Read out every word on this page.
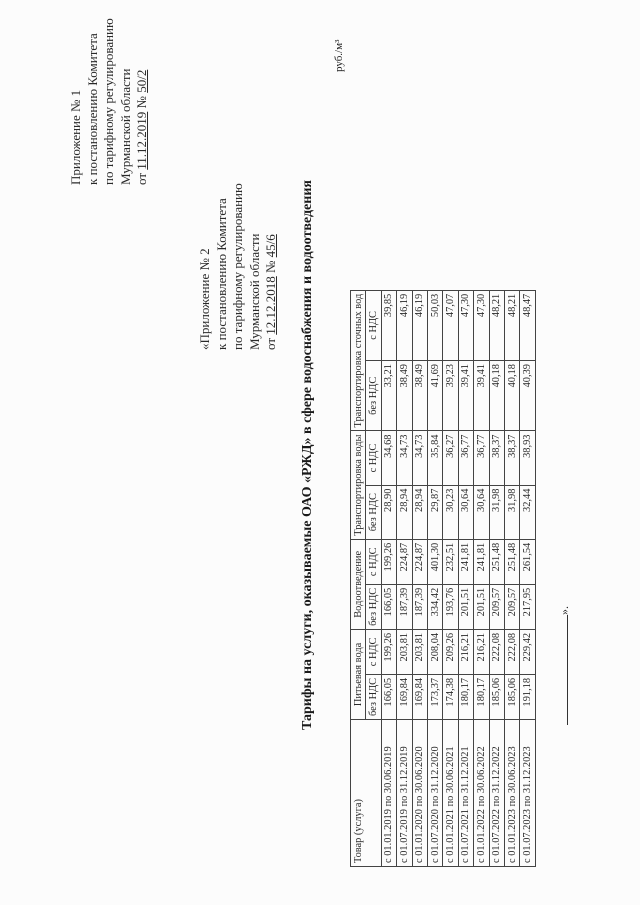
Приложение № 1 к постановлению Комитета по тарифному регулированию Мурманской области от 11.12.2019 № 50/2
«Приложение № 2 к постановлению Комитета по тарифному регулированию Мурманской области от 12.12.2018 № 45/6 Тарифы на услуги, оказываемые ОАО «РЖД» в сфере водоснабжения и водоотведения
руб./м³
Товар (услуга)	Питьевая вода		Водоотведение		Транспортировка воды		Транспортировка сточных вод	
	без НДС	с НДС	без НДС	с НДС	без НДС	с НДС	без НДС	с НДС
с 01.01.2019 по 30.06.2019	166,05	199,26	166,05	199,26	28,90	34,68	33,21	39,85
с 01.07.2019 по 31.12.2019	169,84	203,81	187,39	224,87	28,94	34,73	38,49	46,19
с 01.01.2020 по 30.06.2020	169,84	203,81	187,39	224,87	28,94	34,73	38,49	46,19
с 01.07.2020 по 31.12.2020	173,37	208,04	334,42	401,30	29,87	35,84	41,69	50,03
с 01.01.2021 по 30.06.2021	174,38	209,26	193,76	232,51	30,23	36,27	39,23	47,07
с 01.07.2021 по 31.12.2021	180,17	216,21	201,51	241,81	30,64	36,77	39,41	47,30
с 01.01.2022 по 30.06.2022	180,17	216,21	201,51	241,81	30,64	36,77	39,41	47,30
с 01.07.2022 по 31.12.2022	185,06	222,08	209,57	251,48	31,98	38,37	40,18	48,21
с 01.01.2023 по 30.06.2023	185,06	222,08	209,57	251,48	31,98	38,37	40,18	48,21
с 01.07.2023 по 31.12.2023	191,18	229,42	217,95	261,54	32,44	38,93	40,39	48,47
».
